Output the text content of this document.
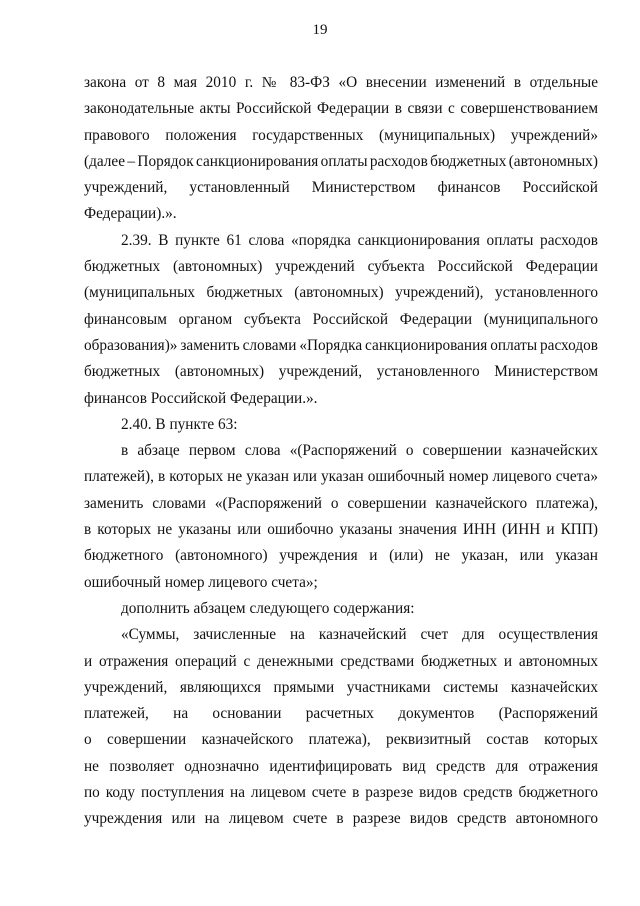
19
закона от 8 мая 2010 г. № 83-ФЗ «О внесении изменений в отдельные
законодательные акты Российской Федерации в связи с совершенствованием
правового положения государственных (муниципальных) учреждений»
(далее – Порядок санкционирования оплаты расходов бюджетных (автономных)
учреждений, установленный Министерством финансов Российской
Федерации).».
2.39. В пункте 61 слова «порядка санкционирования оплаты расходов
бюджетных (автономных) учреждений субъекта Российской Федерации
(муниципальных бюджетных (автономных) учреждений), установленного
финансовым органом субъекта Российской Федерации (муниципального
образования)» заменить словами «Порядка санкционирования оплаты расходов
бюджетных (автономных) учреждений, установленного Министерством
финансов Российской Федерации.».
2.40. В пункте 63:
в абзаце первом слова «(Распоряжений о совершении казначейских
платежей), в которых не указан или указан ошибочный номер лицевого счета»
заменить словами «(Распоряжений о совершении казначейского платежа),
в которых не указаны или ошибочно указаны значения ИНН (ИНН и КПП)
бюджетного (автономного) учреждения и (или) не указан, или указан
ошибочный номер лицевого счета»;
дополнить абзацем следующего содержания:
«Суммы, зачисленные на казначейский счет для осуществления
и отражения операций с денежными средствами бюджетных и автономных
учреждений, являющихся прямыми участниками системы казначейских
платежей, на основании расчетных документов (Распоряжений
о совершении казначейского платежа), реквизитный состав которых
не позволяет однозначно идентифицировать вид средств для отражения
по коду поступления на лицевом счете в разрезе видов средств бюджетного
учреждения или на лицевом счете в разрезе видов средств автономного
